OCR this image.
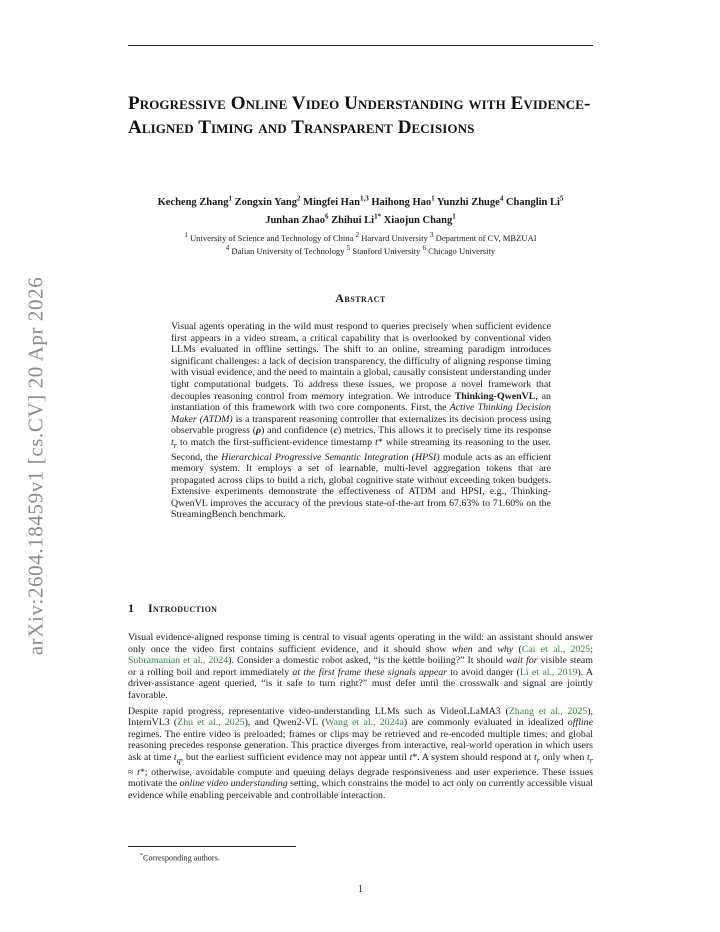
arXiv:2604.18459v1 [cs.CV] 20 Apr 2026
Progressive Online Video Understanding with Evidence-Aligned Timing and Transparent Decisions
Kecheng Zhang$^1$ Zongxin Yang$^2$ Mingfei Han$^{1,3}$ Haihong Hao$^1$ Yunzhi Zhuge$^4$ Changlin Li$^5$
Junhan Zhao$^6$ Zhihui $Li^{1*}$ Xiaojun Chang$^1$
$^1$ University of Science and Technology of China $^2$ Harvard University $^3$ Department of CV, MBZUAI
$^4$ Dalian University of Technology $^5$ Stanford University $^6$ Chicago University
Abstract
Visual agents operating in the wild must respond to queries precisely when sufficient evidence first appears in a video stream, a critical capability that is overlooked by conventional video LLMs evaluated in offline settings. The shift to an online, streaming paradigm introduces significant challenges: a lack of decision transparency, the difficulty of aligning response timing with visual evidence, and the need to maintain a global, causally consistent understanding under tight computational budgets. To address these issues, we propose a novel framework that decouples reasoning control from memory integration. We introduce Thinking-QwenVL, an instantiation of this framework with two core components. First, the Active Thinking Decision Maker (ATDM) is a transparent reasoning controller that externalizes its decision process using observable progress (ρ) and confidence (c) metrics. This allows it to precisely time its response $t_r$ to match the first-sufficient-evidence timestamp t* while streaming its reasoning to the user. Second, the Hierarchical Progressive Semantic Integration (HPSI) module acts as an efficient memory system. It employs a set of learnable, multi-level aggregation tokens that are propagated across clips to build a rich, global cognitive state without exceeding token budgets. Extensive experiments demonstrate the effectiveness of ATDM and HPSI, e.g., Thinking-QwenVL improves the accuracy of the previous state-of-the-art from 67.63% to 71.60% on the StreamingBench benchmark.
1 Introduction

Visual evidence-aligned response timing is central to visual agents operating in the wild: an assistant should answer only once the video first contains sufficient evidence, and it should show when and why (Cai et al., 2025; Subramanian et al., 2024). Consider a domestic robot asked, “is the kettle boiling?” It should wait for visible steam or a rolling boil and report immediately at the first frame these signals appear to avoid danger (Li et al., 2019). A driver-assistance agent queried, “is it safe to turn right?” must defer until the crosswalk and signal are jointly favorable.

Despite rapid progress, representative video-understanding LLMs such as VideoLLaMA3 (Zhang et al., 2025), InternVL3 (Zhu et al., 2025), and Qwen2-VL (Wang et al., 2024a) are commonly evaluated in idealized offline regimes. The entire video is preloaded; frames or clips may be retrieved and re-encoded multiple times; and global reasoning precedes response generation. This practice diverges from interactive, real-world operation in which users ask at time $t_q$, but the earliest sufficient evidence may not appear until t*. A system should respond at $t_r$ only when $t_r \approx t*$; otherwise, avoidable compute and queuing delays degrade responsiveness and user experience. These issues motivate the online video understanding setting, which constrains the model to act only on currently accessible visual evidence while enabling perceivable and controllable interaction.

*Corresponding authors.
1
